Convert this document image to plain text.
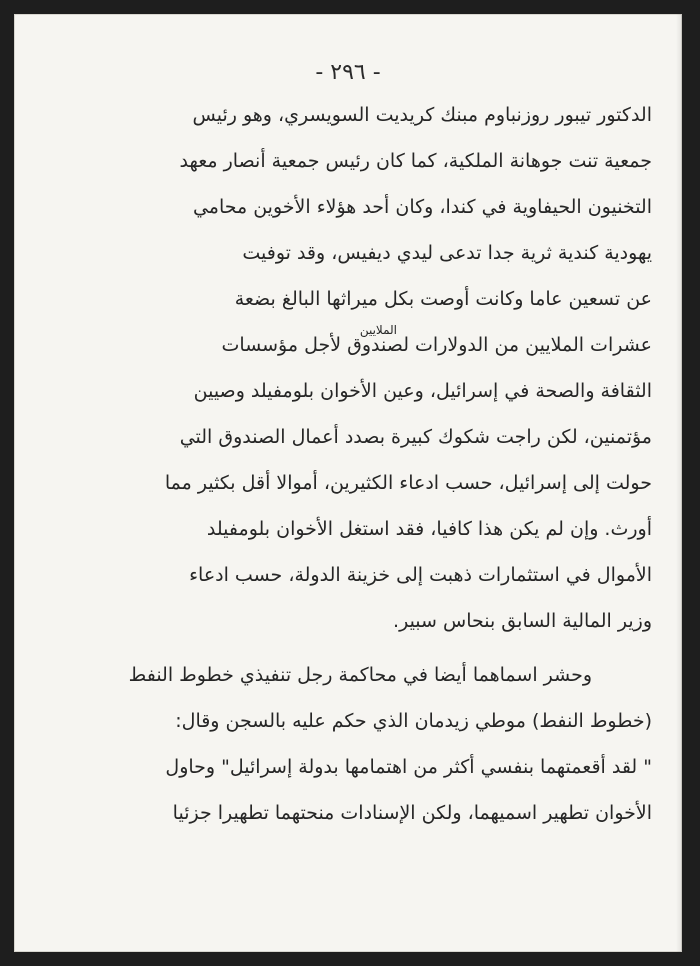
- ٢٩٦ -
الدكتور تيبور روزنباوم مبنك كريديت السويسري، وهو رئيس
جمعية تنت جوهانة الملكية، كما كان رئيس جمعية أنصار معهد
التخنيون الحيفاوية في كندا، وكان أحد هؤلاء الأخوين محامي
يهودية كندية ثرية جدا تدعى ليدي ديفيس، وقد توفيت
عن تسعين عاما وكانت أوصت بكل ميراثها البالغ بضعة
الملايين
عشرات الملايين من الدولارات لصندوق لأجل مؤسسات
الثقافة والصحة في إسرائيل، وعين الأخوان بلومفيلد وصيين
مؤتمنين، لكن راجت شكوك كبيرة بصدد أعمال الصندوق التي
حولت إلى إسرائيل، حسب ادعاء الكثيرين، أموالا أقل بكثير مما
أورث. وإن لم يكن هذا كافيا، فقد استغل الأخوان بلومفيلد
الأموال في استثمارات ذهبت إلى خزينة الدولة، حسب ادعاء
وزير المالية السابق بنحاس سبير.
وحشر اسماهما أيضا في محاكمة رجل تنفيذي خطوط النفط
(خطوط النفط) موطي زيدمان الذي حكم عليه بالسجن وقال:
" لقد أقعمتهما بنفسي أكثر من اهتمامها بدولة إسرائيل" وحاول
الأخوان تطهير اسميهما، ولكن الإسنادات منحتهما تطهيرا جزئيا
